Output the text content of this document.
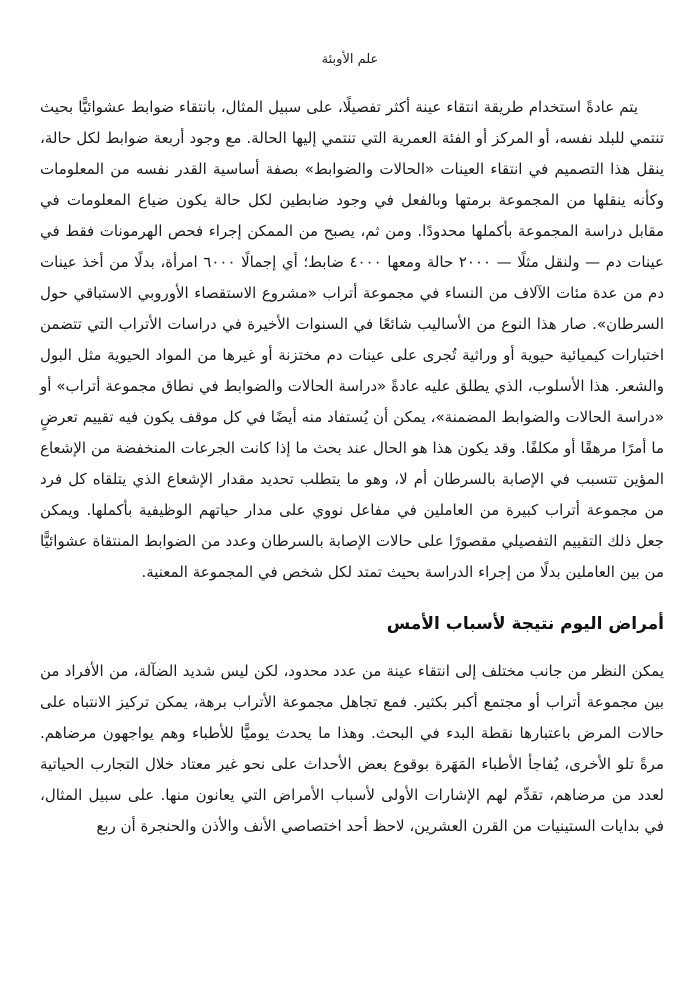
علم الأوبئة

يتم عادةً استخدام طريقة انتقاء عينة أكثر تفصيلًا، على سبيل المثال، بانتقاء ضوابط عشوائيًّا بحيث تنتمي للبلد نفسه، أو المركز أو الفئة العمرية التي تنتمي إليها الحالة. مع وجود أربعة ضوابط لكل حالة، ينقل هذا التصميم في انتقاء العينات «الحالات والضوابط» بصفة أساسية القدر نفسه من المعلومات وكأنه ينقلها من المجموعة برمتها وبالفعل في وجود ضابطين لكل حالة يكون ضياع المعلومات في مقابل دراسة المجموعة بأكملها محدودًا. ومن ثم، يصبح من الممكن إجراء فحص الهرمونات فقط في عينات دم — ولنقل مثلًا — ٢٠٠٠ حالة ومعها ٤٠٠٠ ضابط؛ أي إجمالًا ٦٠٠٠ امرأة، بدلًا من أخذ عينات دم من عدة مئات الآلاف من النساء في مجموعة أتراب «مشروع الاستقصاء الأوروبي الاستباقي حول السرطان». صار هذا النوع من الأساليب شائعًا في السنوات الأخيرة في دراسات الأتراب التي تتضمن اختبارات كيميائية حيوية أو وراثية تُجرى على عينات دم مختزنة أو غيرها من المواد الحيوية مثل البول والشعر. هذا الأسلوب، الذي يطلق عليه عادةً «دراسة الحالات والضوابط في نطاق مجموعة أتراب» أو «دراسة الحالات والضوابط المضمنة»، يمكن أن يُستفاد منه أيضًا في كل موقف يكون فيه تقييم تعرضٍ ما أمرًا مرهقًا أو مكلفًا. وقد يكون هذا هو الحال عند بحث ما إذا كانت الجرعات المنخفضة من الإشعاع المؤين تتسبب في الإصابة بالسرطان أم لا، وهو ما يتطلب تحديد مقدار الإشعاع الذي يتلقاه كل فرد من مجموعة أتراب كبيرة من العاملين في مفاعل نووي على مدار حياتهم الوظيفية بأكملها. ويمكن جعل ذلك التقييم التفصيلي مقصورًا على حالات الإصابة بالسرطان وعدد من الضوابط المنتقاة عشوائيًّا من بين العاملين بدلًا من إجراء الدراسة بحيث تمتد لكل شخص في المجموعة المعنية.

أمراض اليوم نتيجة لأسباب الأمس

يمكن النظر من جانب مختلف إلى انتقاء عينة من عدد محدود، لكن ليس شديد الضآلة، من الأفراد من بين مجموعة أتراب أو مجتمع أكبر بكثير. فمع تجاهل مجموعة الأتراب برهة، يمكن تركيز الانتباه على حالات المرض باعتبارها نقطة البدء في البحث. وهذا ما يحدث يوميًّا للأطباء وهم يواجهون مرضاهم. مرةً تلو الأخرى، يُفاجأ الأطباء المَهَرة بوقوع بعض الأحداث على نحو غير معتاد خلال التجارب الحياتية لعدد من مرضاهم، تقدِّم لهم الإشارات الأولى لأسباب الأمراض التي يعانون منها. على سبيل المثال، في بدايات الستينيات من القرن العشرين، لاحظ أحد اختصاصي الأنف والأذن والحنجرة أن ربع
